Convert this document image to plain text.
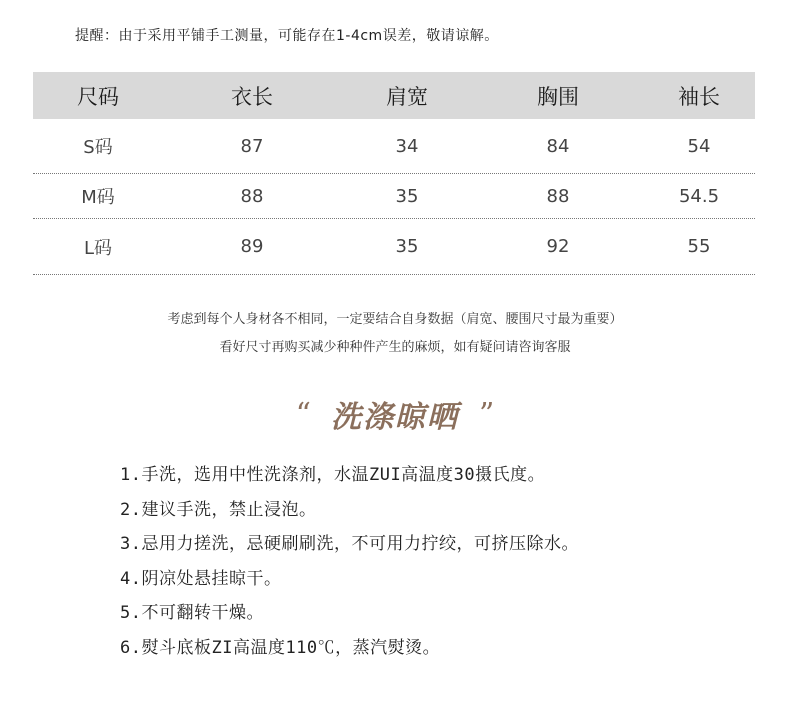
提醒：由于采用平铺手工测量，可能存在1-4cm误差，敬请谅解。
尺码	衣长	肩宽	胸围	袖长
S码	87	34	84	54
M码	88	35	88	54.5
L码	89	35	92	55
考虑到每个人身材各不相同，一定要结合自身数据（肩宽、腰围尺寸最为重要）
看好尺寸再购买减少种种件产生的麻烦，如有疑问请咨询客服
“ 洗涤晾晒 ”
1.手洗，选用中性洗涤剂，水温ZUI高温度30摄氏度。
2.建议手洗，禁止浸泡。
3.忌用力搓洗，忌硬刷刷洗，不可用力拧绞，可挤压除水。
4.阴凉处悬挂晾干。
5.不可翻转干燥。
6.熨斗底板ZI高温度110℃，蒸汽熨烫。
